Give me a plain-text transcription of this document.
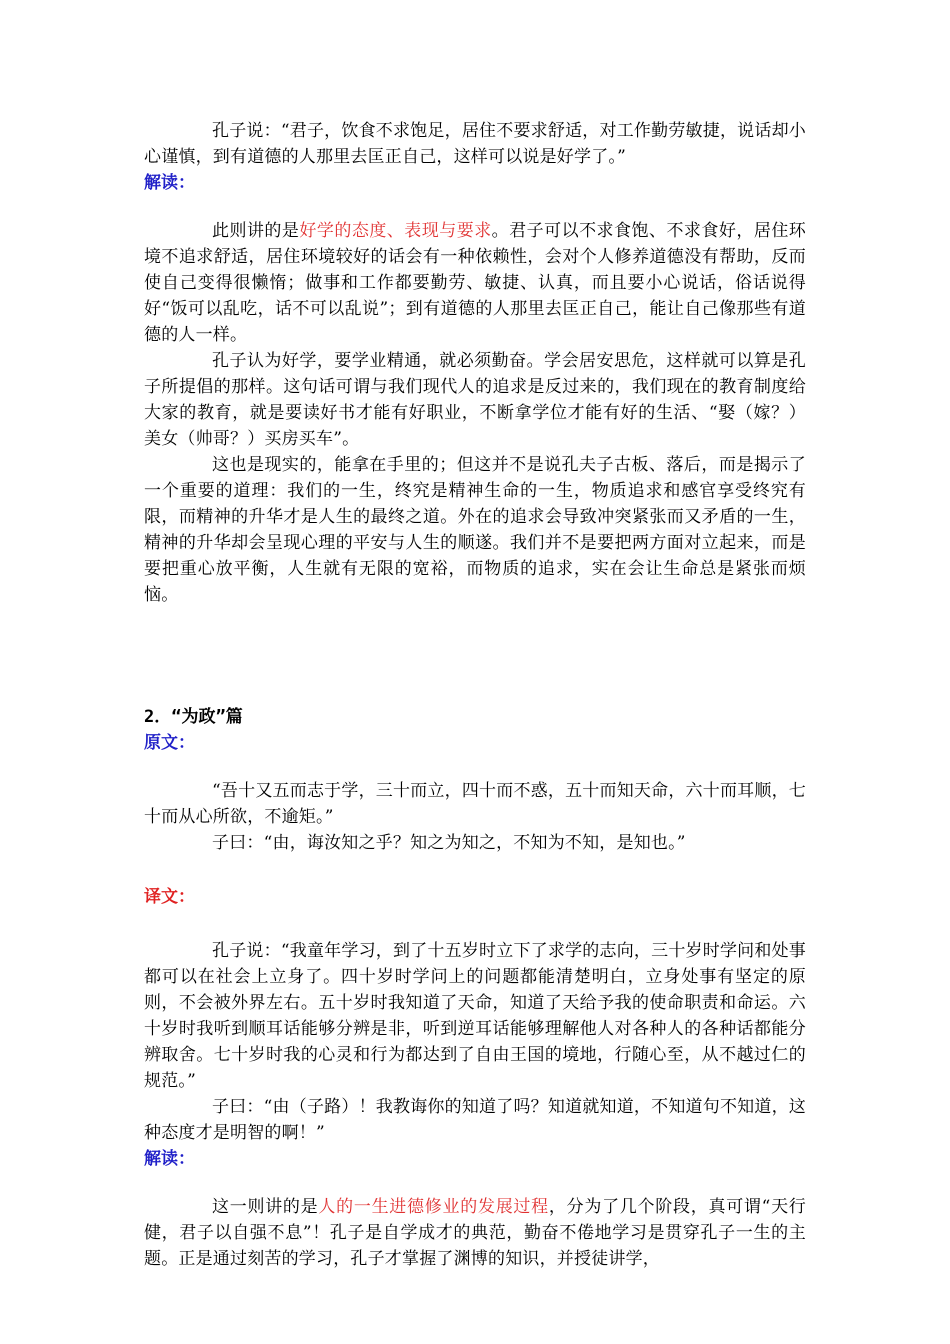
孔子说：“君子，饮食不求饱足，居住不要求舒适，对工作勤劳敏捷，说话却小心谨慎，到有道德的人那里去匡正自己，这样可以说是好学了。”

解读：

此则讲的是好学的态度、表现与要求。君子可以不求食饱、不求食好，居住环境不追求舒适，居住环境较好的话会有一种依赖性，会对个人修养道德没有帮助，反而使自己变得很懒惰；做事和工作都要勤劳、敏捷、认真，而且要小心说话，俗话说得好“饭可以乱吃，话不可以乱说”；到有道德的人那里去匡正自己，能让自己像那些有道德的人一样。

孔子认为好学，要学业精通，就必须勤奋。学会居安思危，这样就可以算是孔子所提倡的那样。这句话可谓与我们现代人的追求是反过来的，我们现在的教育制度给大家的教育，就是要读好书才能有好职业，不断拿学位才能有好的生活、“娶（嫁？）美女（帅哥？）买房买车”。

这也是现实的，能拿在手里的；但这并不是说孔夫子古板、落后，而是揭示了一个重要的道理：我们的一生，终究是精神生命的一生，物质追求和感官享受终究有限，而精神的升华才是人生的最终之道。外在的追求会导致冲突紧张而又矛盾的一生，精神的升华却会呈现心理的平安与人生的顺遂。我们并不是要把两方面对立起来，而是要把重心放平衡，人生就有无限的宽裕，而物质的追求，实在会让生命总是紧张而烦恼。

2．“为政”篇

原文：

“吾十又五而志于学，三十而立，四十而不惑，五十而知天命，六十而耳顺，七十而从心所欲，不逾矩。”

子曰：“由，诲汝知之乎？知之为知之，不知为不知，是知也。”

译文：

孔子说：“我童年学习，到了十五岁时立下了求学的志向，三十岁时学问和处事都可以在社会上立身了。四十岁时学问上的问题都能清楚明白，立身处事有坚定的原则，不会被外界左右。五十岁时我知道了天命，知道了天给予我的使命职责和命运。六十岁时我听到顺耳话能够分辨是非，听到逆耳话能够理解他人对各种人的各种话都能分辨取舍。七十岁时我的心灵和行为都达到了自由王国的境地，行随心至，从不越过仁的规范。”

子曰：“由（子路）！我教诲你的知道了吗？知道就知道，不知道句不知道，这种态度才是明智的啊！”

解读：

这一则讲的是人的一生进德修业的发展过程，分为了几个阶段，真可谓“天行健，君子以自强不息”！孔子是自学成才的典范，勤奋不倦地学习是贯穿孔子一生的主题。正是通过刻苦的学习，孔子才掌握了渊博的知识，并授徒讲学，
